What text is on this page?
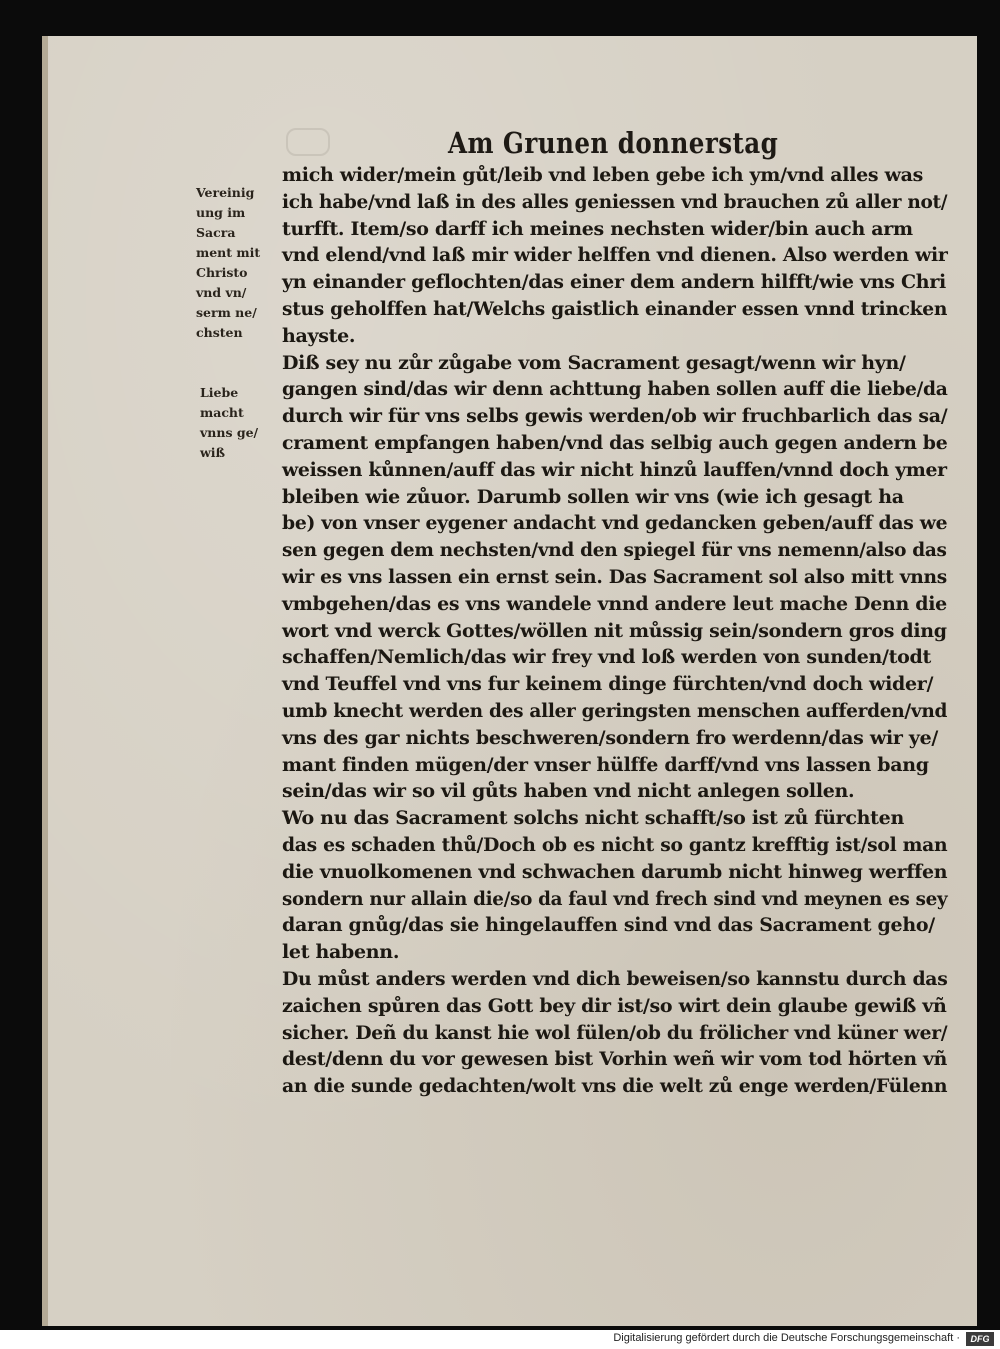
Am Grunen donnerstag
Vereinig
ung im
Sacra
ment mit
Christo
vnd vn/
serm ne/
chsten
Liebe
macht
vnns ge/
wiß
mich wider/mein gůt/leib vnd leben gebe ich ym/vnd alles was
ich habe/vnd laß in des alles geniessen vnd brauchen zů aller not/
turfft. Item/so darff ich meines nechsten wider/bin auch arm
vnd elend/vnd laß mir wider helffen vnd dienen. Also werden wir
yn einander geflochten/das einer dem andern hilfft/wie vns Chri
stus geholffen hat/Welchs gaistlich einander essen vnnd trincken
hayste.
Diß sey nu zůr zůgabe vom Sacrament gesagt/wenn wir hyn/
gangen sind/das wir denn achttung haben sollen auff die liebe/da
durch wir für vns selbs gewis werden/ob wir fruchbarlich das sa/
crament empfangen haben/vnd das selbig auch gegen andern be
weissen kůnnen/auff das wir nicht hinzů lauffen/vnnd doch ymer
bleiben wie zůuor. Darumb sollen wir vns (wie ich gesagt ha
be) von vnser eygener andacht vnd gedancken geben/auff das we
sen gegen dem nechsten/vnd den spiegel für vns nemenn/also das
wir es vns lassen ein ernst sein. Das Sacrament sol also mitt vnns
vmbgehen/das es vns wandele vnnd andere leut mache Denn die
wort vnd werck Gottes/wöllen nit můssig sein/sondern gros ding
schaffen/Nemlich/das wir frey vnd loß werden von sunden/todt
vnd Teuffel vnd vns fur keinem dinge fürchten/vnd doch wider/
umb knecht werden des aller geringsten menschen aufferden/vnd
vns des gar nichts beschweren/sondern fro werdenn/das wir ye/
mant finden mügen/der vnser hülffe darff/vnd vns lassen bang
sein/das wir so vil gůts haben vnd nicht anlegen sollen.
Wo nu das Sacrament solchs nicht schafft/so ist zů fürchten
das es schaden thů/Doch ob es nicht so gantz krefftig ist/sol man
die vnuolkomenen vnd schwachen darumb nicht hinweg werffen
sondern nur allain die/so da faul vnd frech sind vnd meynen es sey
daran gnůg/das sie hingelauffen sind vnd das Sacrament geho/
let habenn.
Du můst anders werden vnd dich beweisen/so kannstu durch das
zaichen spůren das Gott bey dir ist/so wirt dein glaube gewiß vñ
sicher. Deñ du kanst hie wol fülen/ob du frölicher vnd küner wer/
dest/denn du vor gewesen bist Vorhin weñ wir vom tod hörten vñ
an die sunde gedachten/wolt vns die welt zů enge werden/Fülenn
Digitalisierung gefördert durch die Deutsche Forschungsgemeinschaft ·	DFG
